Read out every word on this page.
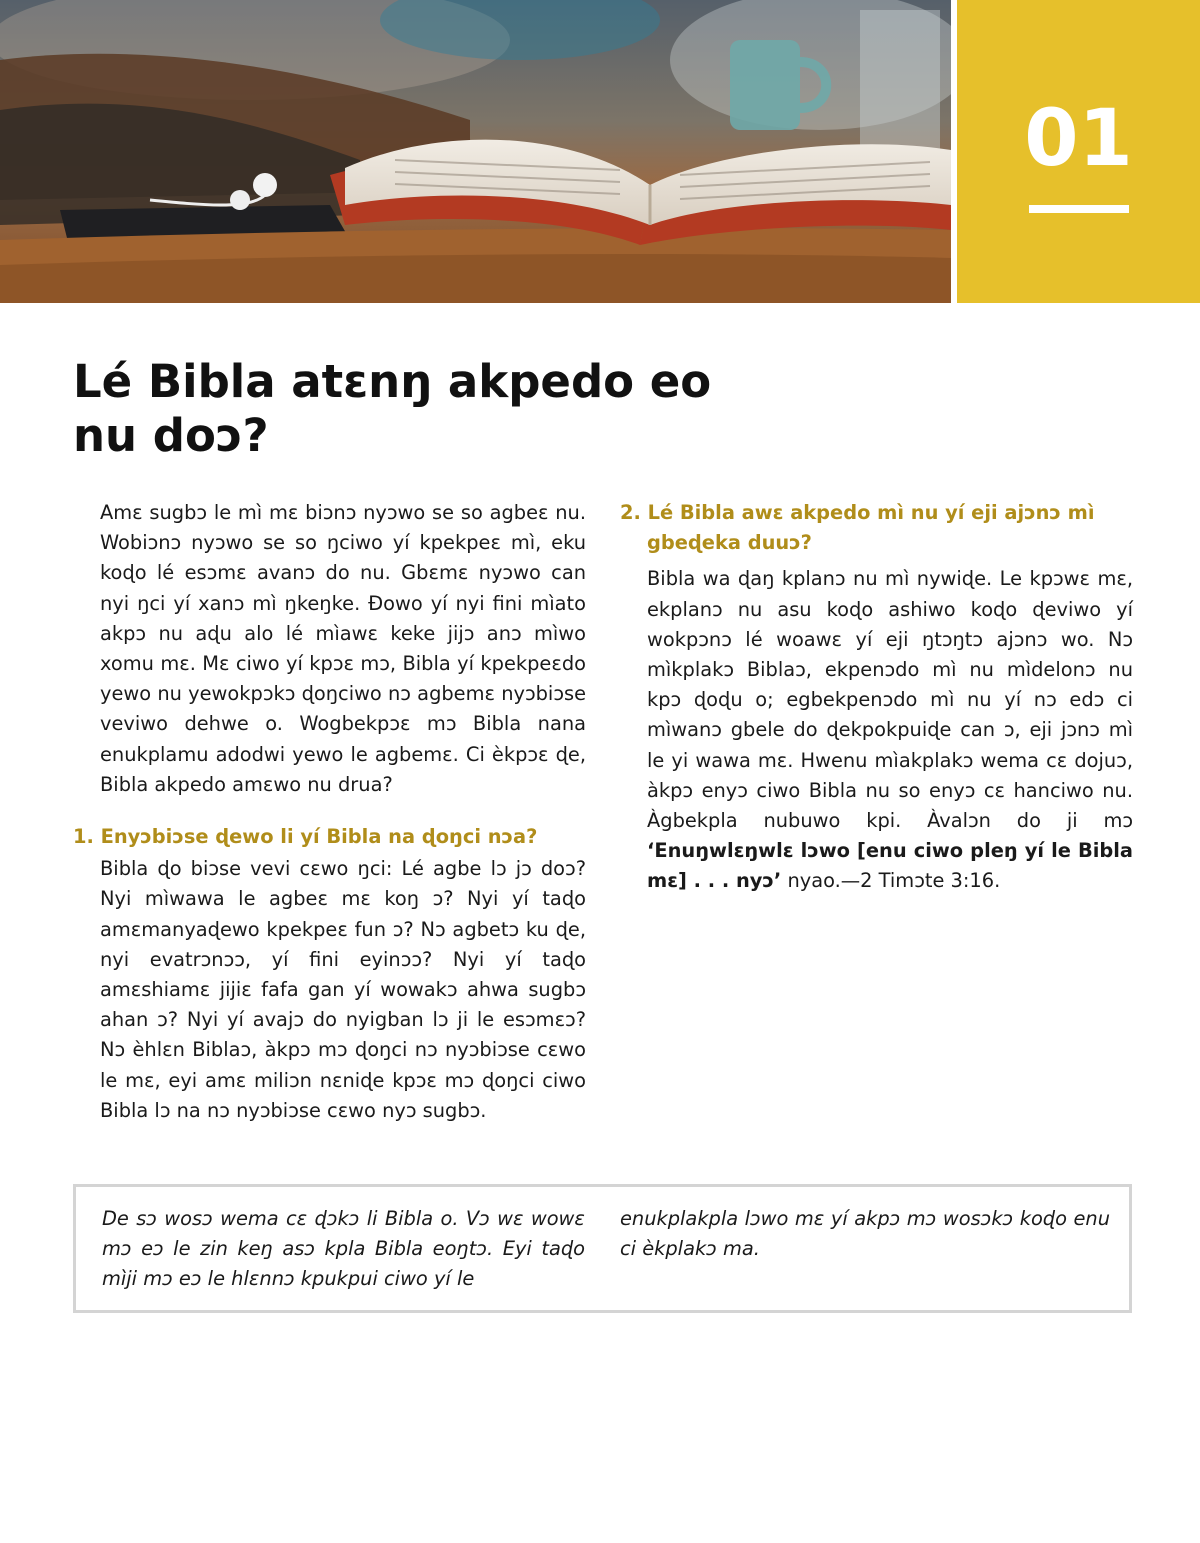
01
Lé Bibla atɛnŋ akpedo eo nu doɔ?

Amɛ sugbɔ le mì mɛ biɔnɔ nyɔwo se so agbeɛ nu. Wobiɔnɔ nyɔwo se so ŋciwo yí kpekpeɛ mì, eku koɖo lé esɔmɛ avanɔ do nu. Gbɛmɛ nyɔwo can nyi ŋci yí xanɔ mì ŋkeŋke. Ɖowo yí nyi fini mìato akpɔ nu aɖu alo lé mìawɛ keke jijɔ anɔ mìwo xomu mɛ. Mɛ ciwo yí kpɔɛ mɔ, Bibla yí kpekpeɛdo yewo nu yewokpɔkɔ ɖoŋciwo nɔ agbemɛ nyɔbiɔse veviwo dehwe o. Wogbekpɔɛ mɔ Bibla nana enukplamu adodwi yewo le agbemɛ. Ci èkpɔɛ ɖe, Bibla akpedo amɛwo nu drua?

1. Enyɔbiɔse ɖewo li yí Bibla na ɖoŋci nɔa?

Bibla ɖo biɔse vevi cɛwo ŋci: Lé agbe lɔ jɔ doɔ? Nyi mìwawa le agbeɛ mɛ koŋ ɔ? Nyi yí taɖo amɛmanyaɖewo kpekpeɛ fun ɔ? Nɔ agbetɔ ku ɖe, nyi evatrɔnɔɔ, yí fini eyinɔɔ? Nyi yí taɖo amɛshiamɛ jijiɛ fafa gan yí wowakɔ ahwa sugbɔ ahan ɔ? Nyi yí avajɔ do nyigban lɔ ji le esɔmɛɔ? Nɔ èhlɛn Biblaɔ, àkpɔ mɔ ɖoŋci nɔ nyɔbiɔse cɛwo le mɛ, eyi amɛ miliɔn nɛniɖe kpɔɛ mɔ ɖoŋci ciwo Bibla lɔ na nɔ nyɔbiɔse cɛwo nyɔ sugbɔ.

2. Lé Bibla awɛ akpedo mì nu yí eji ajɔnɔ mì gbeɖeka duuɔ?

Bibla wa ɖaŋ kplanɔ nu mì nywiɖe. Le kpɔwɛ mɛ, ekplanɔ nu asu koɖo ashiwo koɖo ɖeviwo yí wokpɔnɔ lé woawɛ yí eji ŋtɔŋtɔ ajɔnɔ wo. Nɔ mìkplakɔ Biblaɔ, ekpenɔdo mì nu mìdelonɔ nu kpɔ ɖoɖu o; egbekpenɔdo mì nu yí nɔ edɔ ci mìwanɔ gbele do ɖekpokpuiɖe can ɔ, eji jɔnɔ mì le yi wawa mɛ. Hwenu mìakplakɔ wema cɛ dojuɔ, àkpɔ enyɔ ciwo Bibla nu so enyɔ cɛ hanciwo nu. Àgbekpla nubuwo kpi. Àvalɔn do ji mɔ ‘Enuŋwlɛŋwlɛ lɔwo [enu ciwo pleŋ yí le Bibla mɛ] . . . nyɔ’ nyao.—2 Timɔte 3:16.

De sɔ wosɔ wema cɛ ɖɔkɔ li Bibla o. Vɔ wɛ wowɛ mɔ eɔ le zin keŋ asɔ kpla Bibla eoŋtɔ. Eyi taɖo mìji mɔ eɔ le hlɛnnɔ kpukpui ciwo yí le
enukplakpla lɔwo mɛ yí akpɔ mɔ wosɔkɔ koɖo enu ci èkplakɔ ma.
